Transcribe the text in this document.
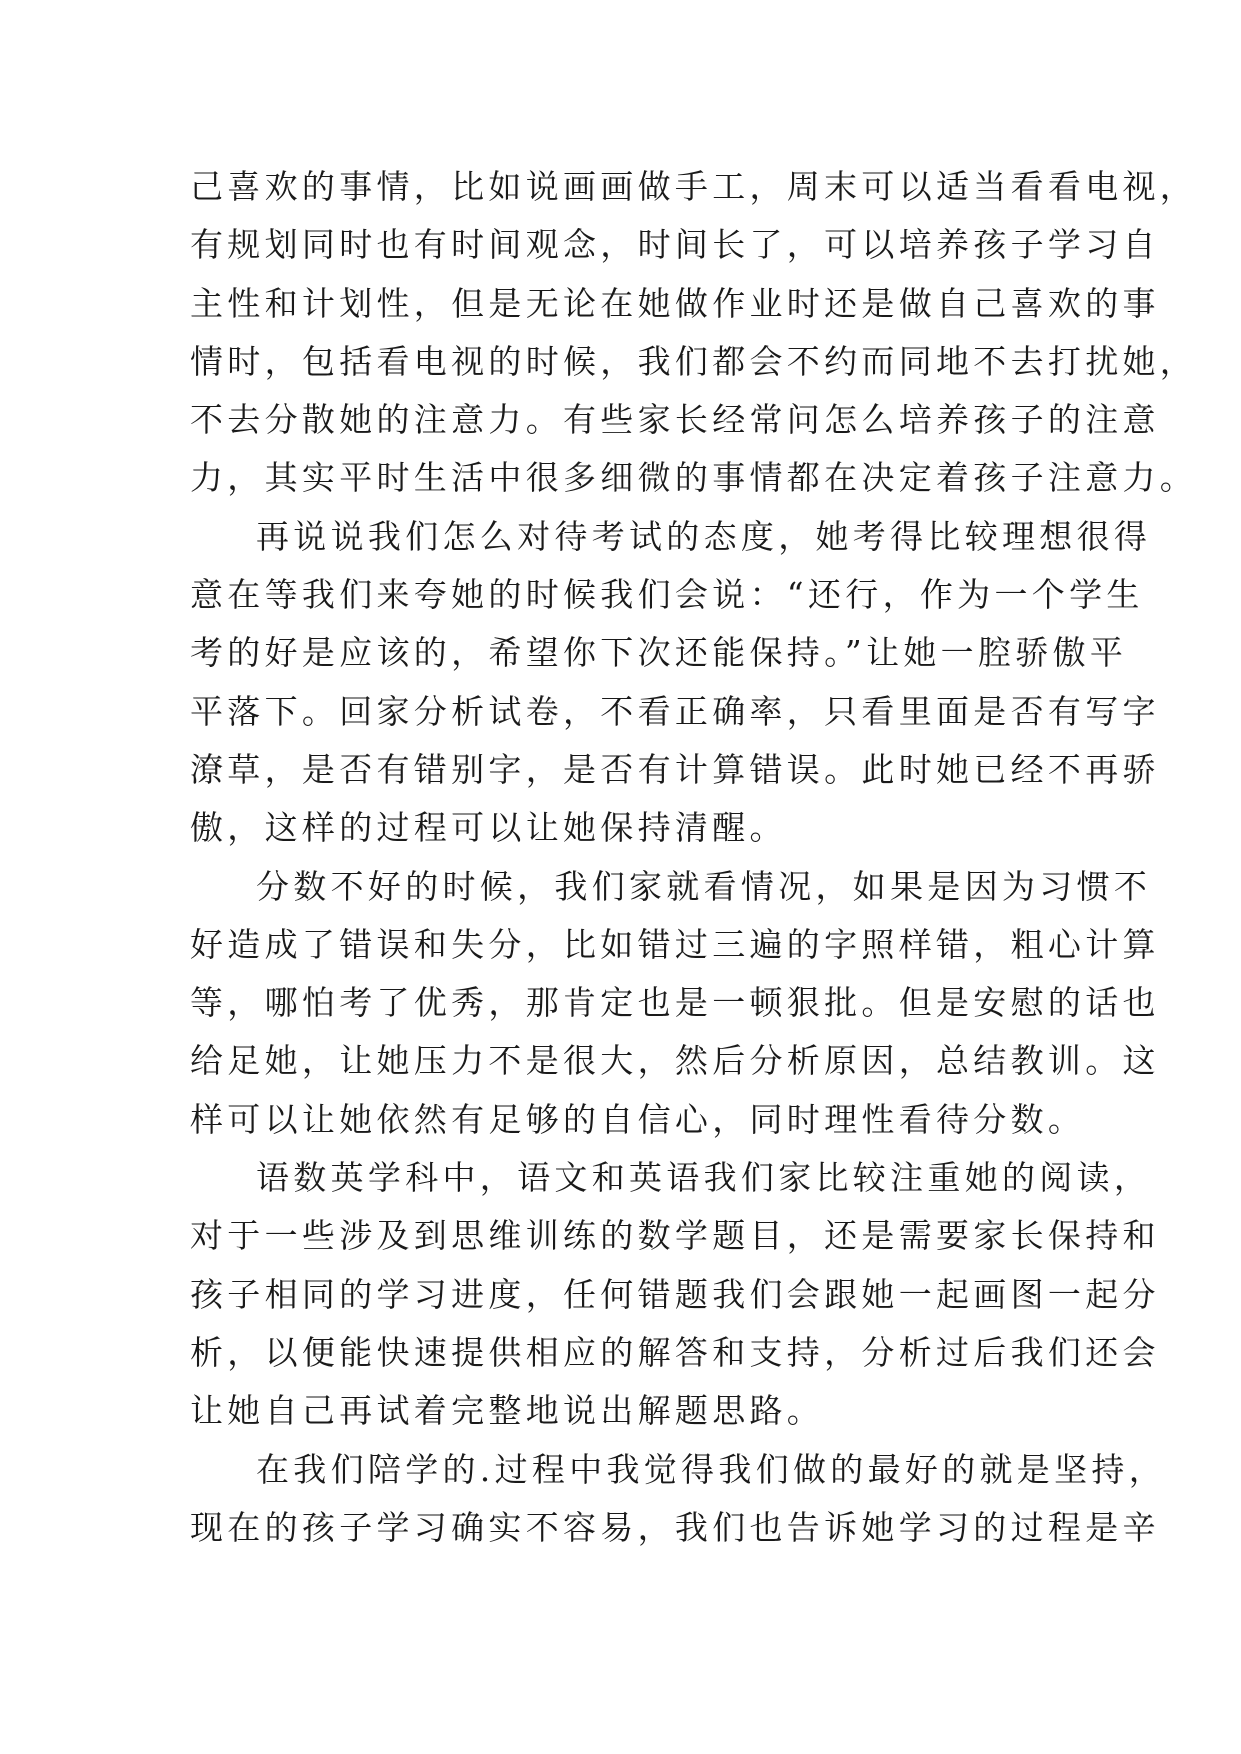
己喜欢的事情，比如说画画做手工，周末可以适当看看电视，
有规划同时也有时间观念，时间长了，可以培养孩子学习自
主性和计划性，但是无论在她做作业时还是做自己喜欢的事
情时，包括看电视的时候，我们都会不约而同地不去打扰她，
不去分散她的注意力。有些家长经常问怎么培养孩子的注意
力，其实平时生活中很多细微的事情都在决定着孩子注意力。
再说说我们怎么对待考试的态度，她考得比较理想很得
意在等我们来夸她的时候我们会说：“还行，作为一个学生
考的好是应该的，希望你下次还能保持。”让她一腔骄傲平
平落下。回家分析试卷，不看正确率，只看里面是否有写字
潦草，是否有错别字，是否有计算错误。此时她已经不再骄
傲，这样的过程可以让她保持清醒。
分数不好的时候，我们家就看情况，如果是因为习惯不
好造成了错误和失分，比如错过三遍的字照样错，粗心计算
等，哪怕考了优秀，那肯定也是一顿狠批。但是安慰的话也
给足她，让她压力不是很大，然后分析原因，总结教训。这
样可以让她依然有足够的自信心，同时理性看待分数。
语数英学科中，语文和英语我们家比较注重她的阅读，
对于一些涉及到思维训练的数学题目，还是需要家长保持和
孩子相同的学习进度，任何错题我们会跟她一起画图一起分
析，以便能快速提供相应的解答和支持，分析过后我们还会
让她自己再试着完整地说出解题思路。
在我们陪学的.过程中我觉得我们做的最好的就是坚持，
现在的孩子学习确实不容易，我们也告诉她学习的过程是辛
